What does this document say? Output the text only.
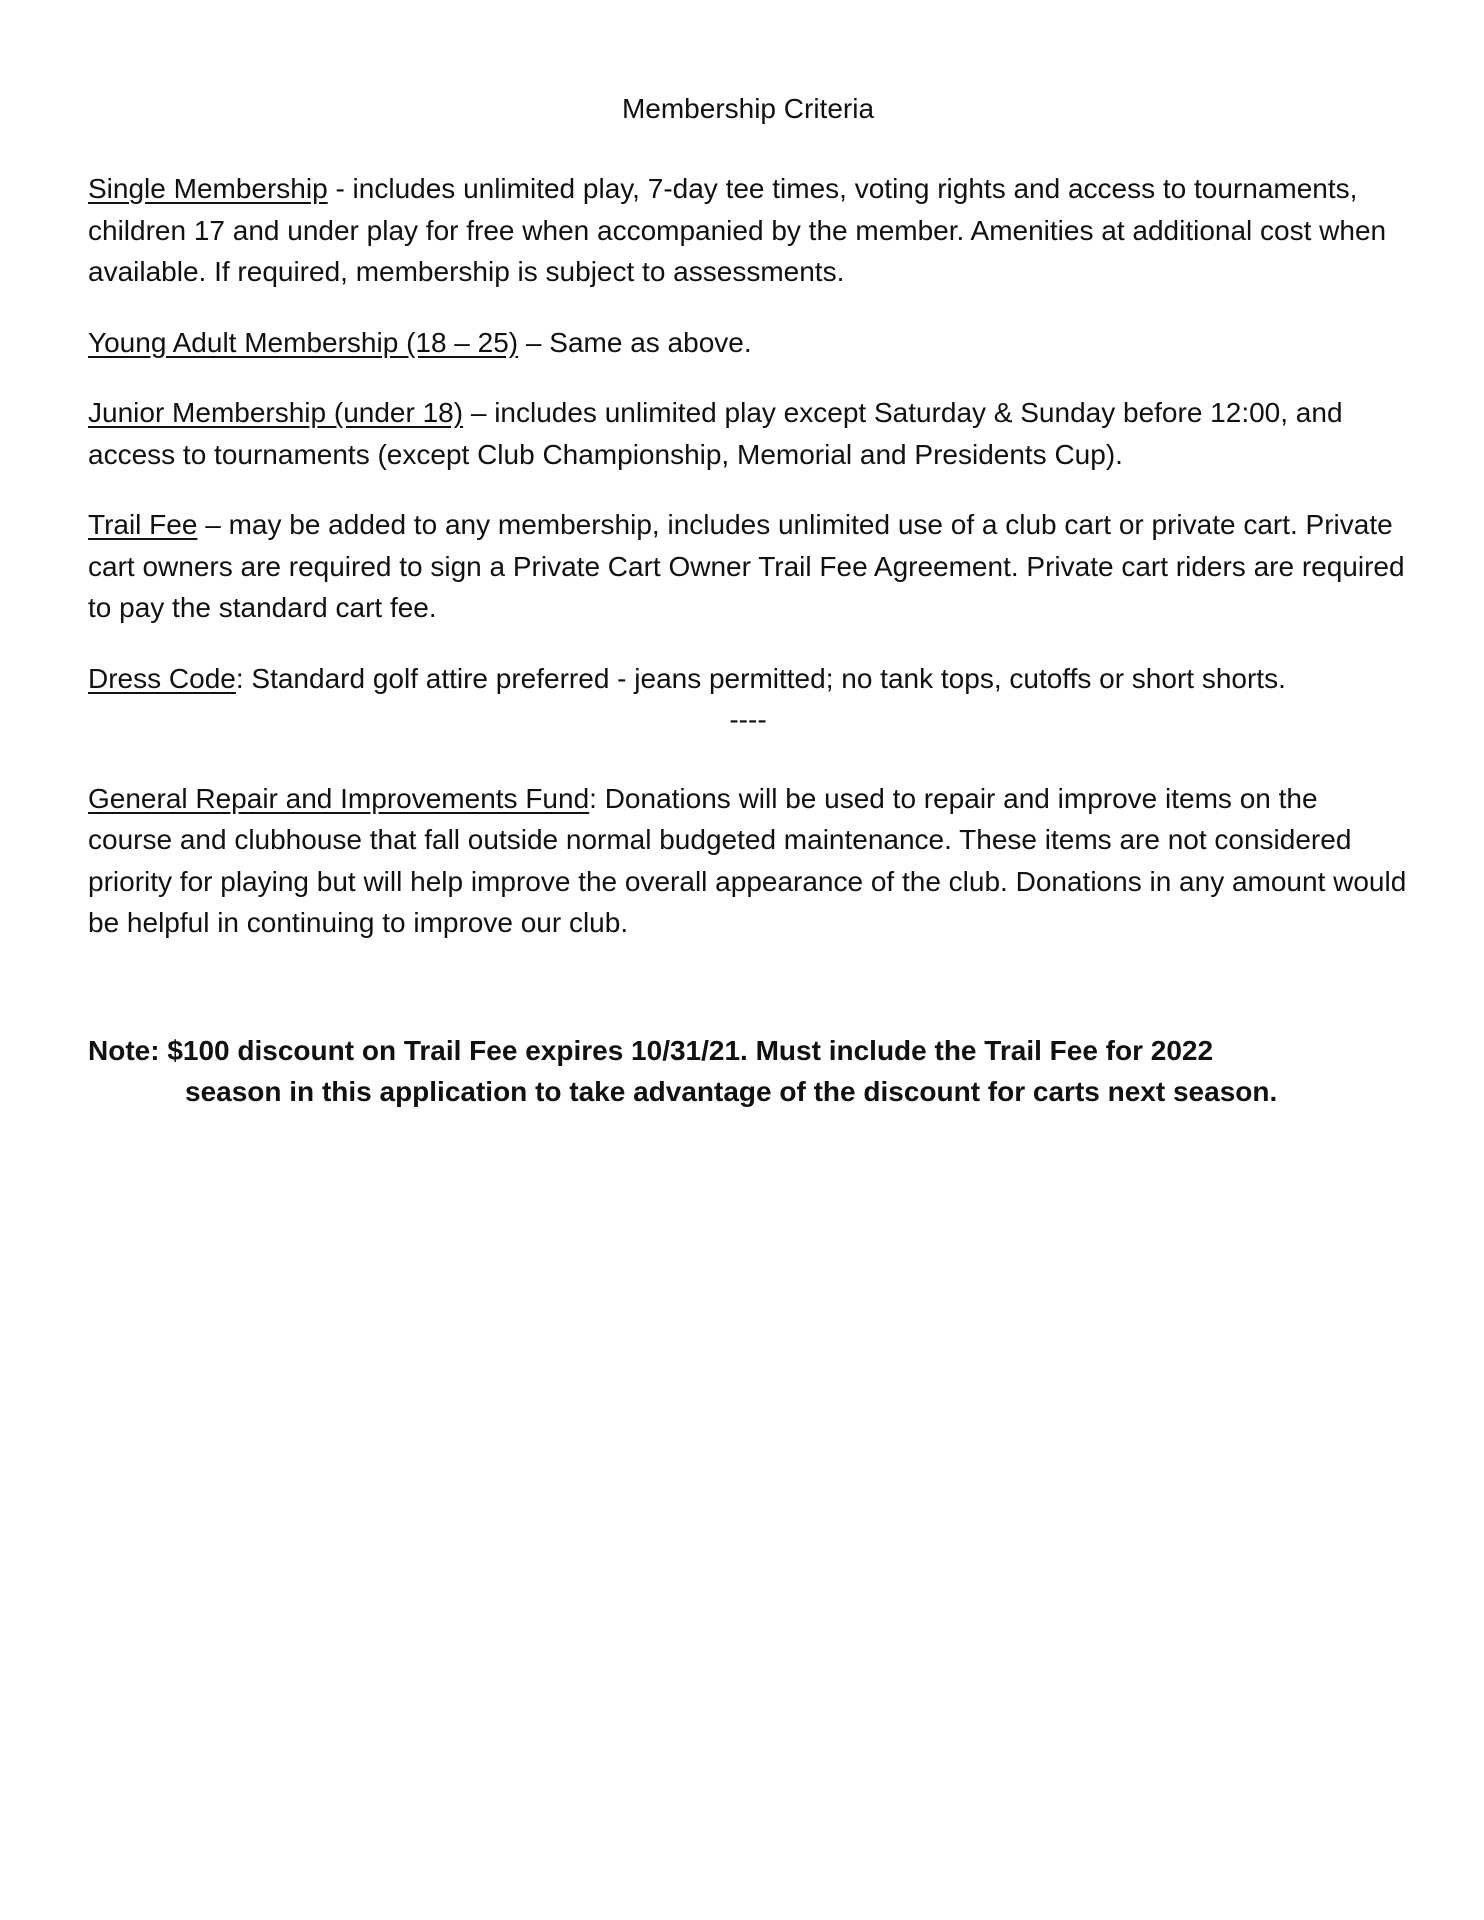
Membership Criteria

Single Membership - includes unlimited play, 7-day tee times, voting rights and access to tournaments, children 17 and under play for free when accompanied by the member. Amenities at additional cost when available. If required, membership is subject to assessments.

Young Adult Membership (18 – 25) – Same as above.

Junior Membership (under 18) – includes unlimited play except Saturday & Sunday before 12:00, and access to tournaments (except Club Championship, Memorial and Presidents Cup).

Trail Fee – may be added to any membership, includes unlimited use of a club cart or private cart. Private cart owners are required to sign a Private Cart Owner Trail Fee Agreement. Private cart riders are required to pay the standard cart fee.

Dress Code: Standard golf attire preferred - jeans permitted; no tank tops, cutoffs or short shorts.

----

General Repair and Improvements Fund: Donations will be used to repair and improve items on the course and clubhouse that fall outside normal budgeted maintenance. These items are not considered priority for playing but will help improve the overall appearance of the club. Donations in any amount would be helpful in continuing to improve our club.

Note: $100 discount on Trail Fee expires 10/31/21. Must include the Trail Fee for 2022
season in this application to take advantage of the discount for carts next season.
